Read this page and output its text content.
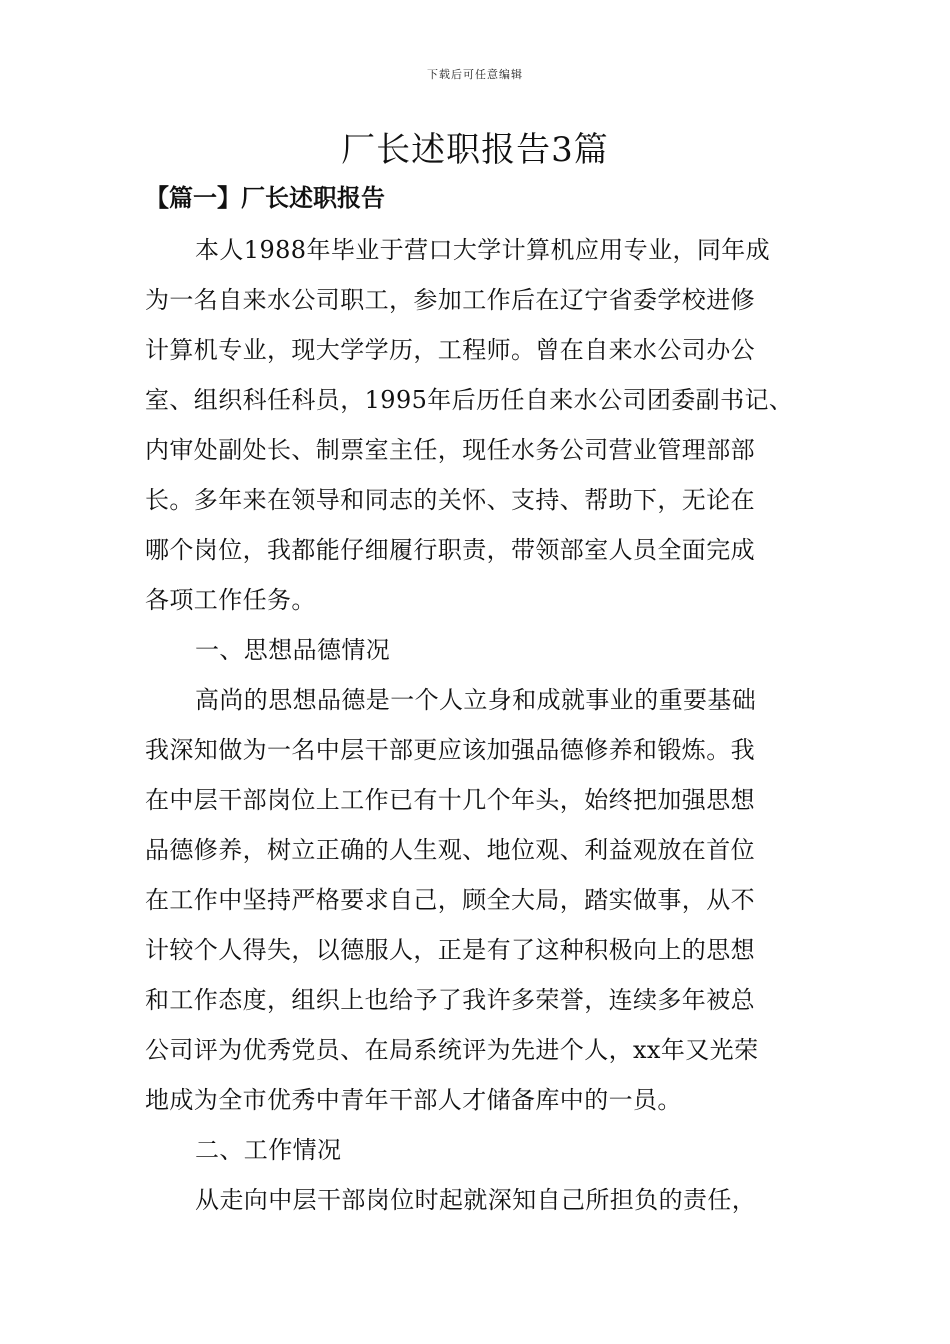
下载后可任意编辑
厂长述职报告3篇
【篇一】厂长述职报告
本人1988年毕业于营口大学计算机应用专业，同年成
为一名自来水公司职工，参加工作后在辽宁省委学校进修
计算机专业，现大学学历，工程师。曾在自来水公司办公
室、组织科任科员，1995年后历任自来水公司团委副书记、
内审处副处长、制票室主任，现任水务公司营业管理部部
长。多年来在领导和同志的关怀、支持、帮助下，无论在
哪个岗位，我都能仔细履行职责，带领部室人员全面完成
各项工作任务。
一、思想品德情况
高尚的思想品德是一个人立身和成就事业的重要基础
我深知做为一名中层干部更应该加强品德修养和锻炼。我
在中层干部岗位上工作已有十几个年头，始终把加强思想
品德修养，树立正确的人生观、地位观、利益观放在首位
在工作中坚持严格要求自己，顾全大局，踏实做事，从不
计较个人得失，以德服人，正是有了这种积极向上的思想
和工作态度，组织上也给予了我许多荣誉，连续多年被总
公司评为优秀党员、在局系统评为先进个人，xx年又光荣
地成为全市优秀中青年干部人才储备库中的一员。
二、工作情况
从走向中层干部岗位时起就深知自己所担负的责任，
